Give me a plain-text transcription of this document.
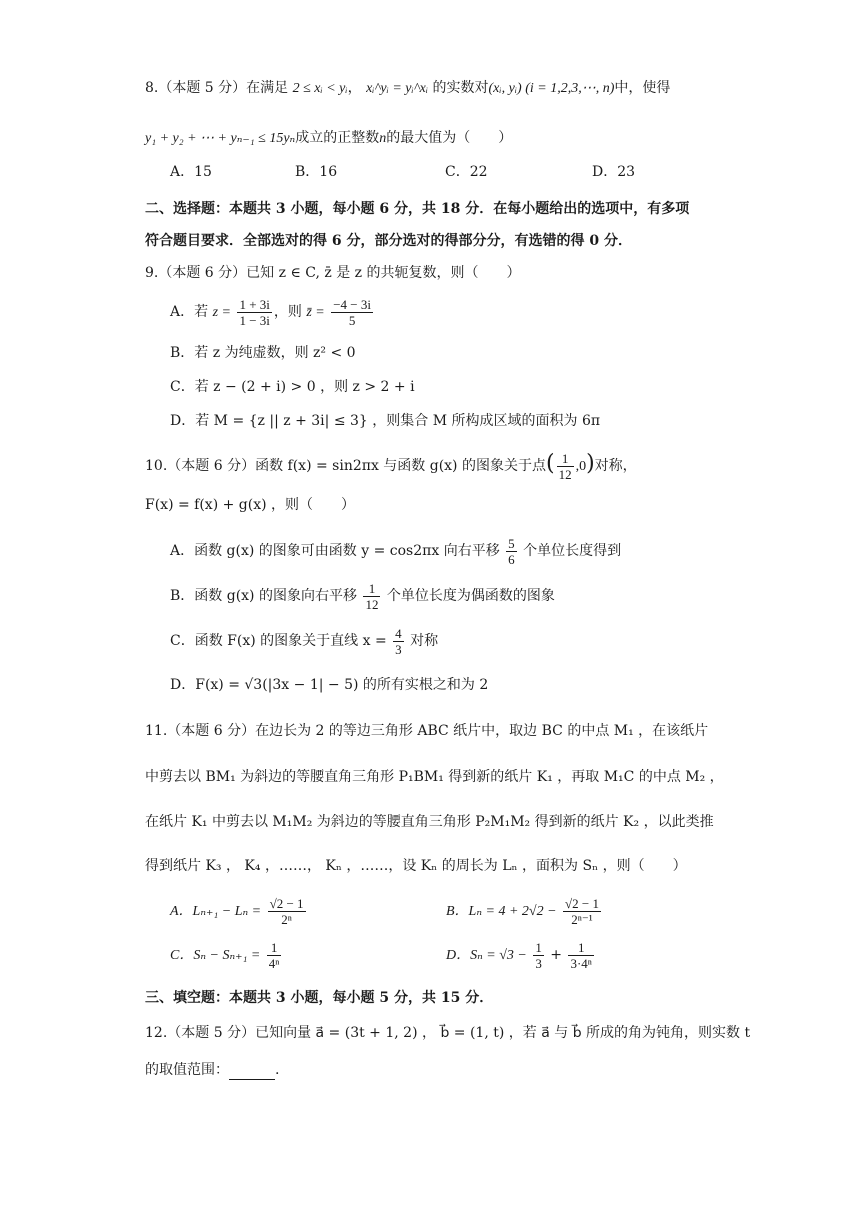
8.（本题 5 分）在满足 2 ≤ xᵢ < yᵢ， xᵢ^yᵢ = yᵢ^xᵢ 的实数对(xᵢ, yᵢ) (i = 1,2,3,⋯, n)中，使得
y₁ + y₂ + ⋯ + yₙ₋₁ ≤ 15yₙ成立的正整数n的最大值为（　　）
A．15	B．16	C．22	D．23
二、选择题：本题共 3 小题，每小题 6 分，共 18 分．在每小题给出的选项中，有多项
符合题目要求．全部选对的得 6 分，部分选对的得部分分，有选错的得 0 分．
9.（本题 6 分）已知 z ∈ C, z̄ 是 z 的共轭复数，则（　　）
A．若 $z = \frac{1 + 3i}{1 - 3i}$ ，则 z̄ = $\frac{-4 - 3i}{5}$
B．若 z 为纯虚数，则 z² < 0
C．若 z − (2 + i) > 0 ，则 z > 2 + i
D．若 M = {z || z + 3i| ≤ 3} ，则集合 M 所构成区域的面积为 6π
10.（本题 6 分）函数 f(x) = sin2πx 与函数 g(x) 的图象关于点( $\frac{1}{12} ,0$)对称，
F(x) = f(x) + g(x) ，则（　　）
A．函数 g(x) 的图象可由函数 y = cos2πx 向右平移 $\frac{5}{6}$ 个单位长度得到
B．函数 g(x) 的图象向右平移 $\frac{1}{12}$ 个单位长度为偶函数的图象
C．函数 F(x) 的图象关于直线 $x = \frac{4}{3}$ 对称
D．F(x) = √3(|3x − 1| − 5) 的所有实根之和为 2
11.（本题 6 分）在边长为 2 的等边三角形 ABC 纸片中，取边 BC 的中点 M₁ ，在该纸片
中剪去以 BM₁ 为斜边的等腰直角三角形 P₁BM₁ 得到新的纸片 K₁ ，再取 M₁C 的中点 M₂ ，
在纸片 K₁ 中剪去以 M₁M₂ 为斜边的等腰直角三角形 P₂M₁M₂ 得到新的纸片 K₂ ，以此类推
得到纸片 K₃ ， K₄ ，……， Kₙ ，……，设 Kₙ 的周长为 Lₙ ，面积为 Sₙ ，则（　　）
A．$L_{n+1} - L_n = \frac{√2 - 1}{\text{2ⁿ}}$	B．$L_n = 4 + 2√2 - \frac{√2 - 1}{\text{2ⁿ⁻¹}}$
C．$S_n - S_{n+1} = \frac{1}{\text{4ⁿ}}$	D．$S_n = √3 - \frac{1}{3} + \frac{1}{\text{3·4ⁿ}}$
三、填空题：本题共 3 小题，每小题 5 分，共 15 分．
12.（本题 5 分）已知向量 a⃗ = (3t + 1, 2) ， b⃗ = (1, t) ，若 a⃗ 与 b⃗ 所成的角为钝角，则实数 t
的取值范围：	.
